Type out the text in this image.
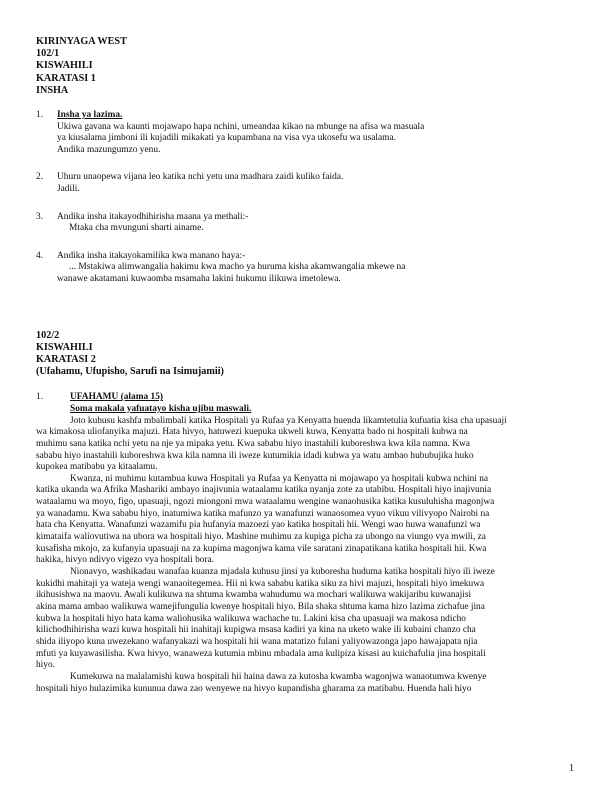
KIRINYAGA WEST
102/1
KISWAHILI
KARATASI 1
INSHA
1. Insha ya lazima.
Ukiwa gavana wa kaunti mojawapo hapa nchini, umeandaa kikao na mbunge na afisa wa masuala
ya kiusalama jimboni ili kujadili mikakati ya kupambana na visa vya ukosefu wa usalama.
Andika mazungumzo yenu.
2. Uhuru unaopewa vijana leo katika nchi yetu una madhara zaidi kuliko faida.
Jadili.
3. Andika insha itakayodhihirisha maana ya methali:-
Mtaka cha mvunguni sharti ainame.
4. Andika insha itakayokamilika kwa manano haya:-
... Mstakiwa alimwangalia hakimu kwa macho ya huruma kisha akamwangalia mkewe na
wanawe akatamani kuwaomba msamaha lakini hukumu ilikuwa imetolewa.
102/2
KISWAHILI
KARATASI 2
(Ufahamu, Ufupisho, Sarufi na Isimujamii)
1.	UFAHAMU (alama 15)
Soma makala yafuatayo kisha ujibu maswali.
Joto kuhusu kashfa mbalimbali katika Hospitali ya Rufaa ya Kenyatta huenda likamtetulia kufuatia kisa cha upasuaji
wa kimakosa uliofanyika majuzi. Hata hivyo, hatuwezi kuepuka ukweli kuwa, Kenyatta bado ni hospitali kubwa na
muhimu sana katika nchi yetu na nje ya mipaka yetu. Kwa sababu hiyo inastahili kuboreshwa kwa kila namna. Kwa
sababu hiyo inastahili kuboreshwa kwa kila namna ili iweze kutumikia idadi kubwa ya watu ambao hububujika huko
kupokea matibabu ya kitaalamu.
Kwanza, ni muhimu kutambua kuwa Hospitali ya Rufaa ya Kenyatta ni mojawapo ya hospitali kubwa nchini na
katika ukanda wa Afrika Mashariki ambayo inajivunia wataalamu katika nyanja zote za utabibu. Hospitali hiyo inajivunia
wataalamu wa moyo, figo, upasuaji, ngozi miongoni mwa wataalamu wengine wanaohusika katika kusuluhisha magonjwa
ya wanadamu. Kwa sababu hiyo, inatumiwa katika mafunzo ya wanafunzi wanaosomea vyuo vikuu vilivyopo Nairobi na
hata cha Kenyatta. Wanafunzi wazamifu pia hufanyia mazoezi yao katika hospitali hii. Wengi wao huwa wanafunzi wa
kimataifa waliovutiwa na ubora wa hospitali hiyo. Mashine muhimu za kupiga picha za ubongo na viungo vya mwili, za
kusafisha mkojo, za kufanyia upasuaji na za kupima magonjwa kama vile saratani zinapatikana katika hospitali hii. Kwa
hakika, hivyo ndivyo vigezo vya hospitali bora.
Nionavyo, washikadau wanafaa kuanza mjadala kuhusu jinsi ya kuboresha huduma katika hospitali hiyo ili iweze
kukidhi mahitaji ya wateja wengi wanaoitegemea. Hii ni kwa sababu katika siku za hivi majuzi, hospitali hiyo imekuwa
ikihusishwa na maovu. Awali kulikuwa na shtuma kwamba wahudumu wa mochari walikuwa wakijaribu kuwanajisi
akina mama ambao walikuwa wamejifungulia kwenye hospitali hiyo. Bila shaka shtuma kama hizo lazima zichafue jina
kubwa la hospitali hiyo hata kama waliohusika walikuwa wachache tu. Lakini kisa cha upasuaji wa makosa ndicho
kilichodhihirisha wazi kuwa hospitali hii inahitaji kupigwa msasa kadiri ya kina na uketo wake ili kubaini chanzo cha
shida iliyopo kuna uwezekano wafanyakazi wa hospitali hii wana matatizo fulani yaliyowazonga japo hawajapata njia
mfuti ya kuyawasilisha. Kwa hivyo, wanaweza kutumia mbinu mbadala ama kulipiza kisasi au kuichafulia jina hospitali
hiyo.
Kumekuwa na malalamishi kuwa hospitali hii haina dawa za kutosha kwamba wagonjwa wanaotumwa kwenye
hospitali hiyo hulazimika kununua dawa zao wenyewe na hivyo kupandisha gharama za matibabu. Huenda hali hiyo
1
